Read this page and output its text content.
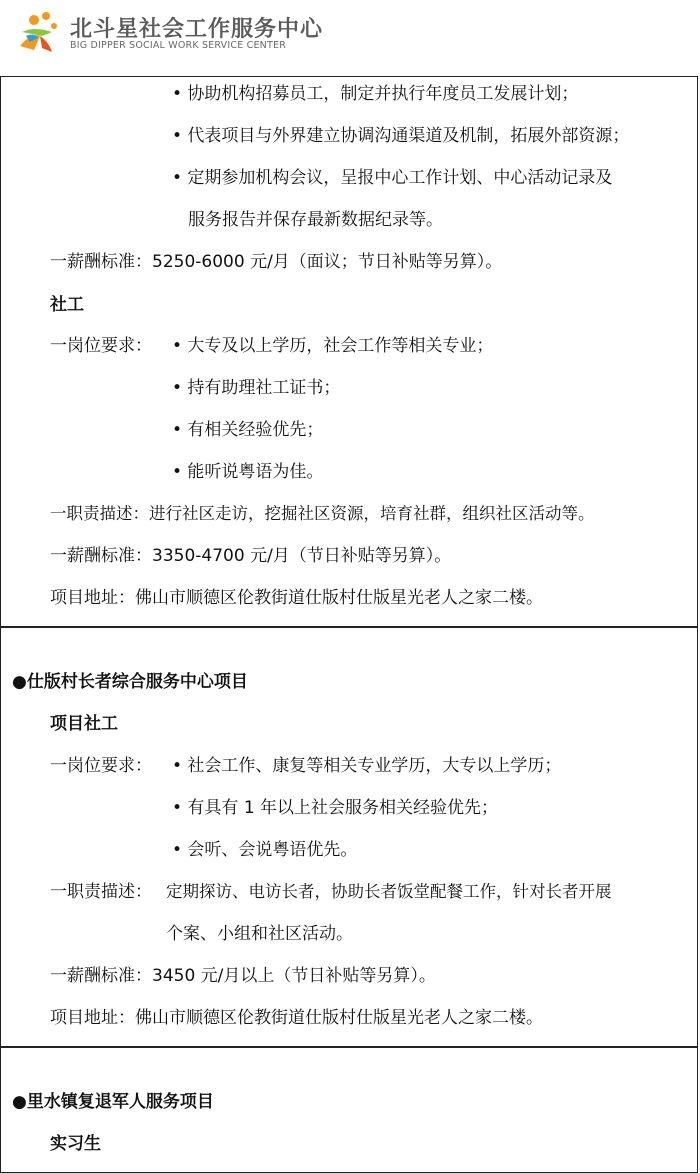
北斗星社会工作服务中心
BIG DIPPER SOCIAL WORK SERVICE CENTER
• 协助机构招募员工，制定并执行年度员工发展计划；
• 代表项目与外界建立协调沟通渠道及机制，拓展外部资源；
• 定期参加机构会议，呈报中心工作计划、中心活动记录及
服务报告并保存最新数据纪录等。
一薪酬标准：5250-6000 元/月（面议；节日补贴等另算）。
社工
一岗位要求： • 大专及以上学历，社会工作等相关专业；
• 持有助理社工证书；
• 有相关经验优先；
• 能听说粤语为佳。
一职责描述：进行社区走访，挖掘社区资源，培育社群，组织社区活动等。
一薪酬标准：3350-4700 元/月（节日补贴等另算）。
项目地址：佛山市顺德区伦教街道仕版村仕版星光老人之家二楼。
●仕版村长者综合服务中心项目
项目社工
一岗位要求： • 社会工作、康复等相关专业学历，大专以上学历；
• 有具有 1 年以上社会服务相关经验优先；
• 会听、会说粤语优先。
一职责描述： 定期探访、电访长者，协助长者饭堂配餐工作，针对长者开展
个案、小组和社区活动。
一薪酬标准：3450 元/月以上（节日补贴等另算）。
项目地址：佛山市顺德区伦教街道仕版村仕版星光老人之家二楼。
●里水镇复退军人服务项目
实习生
